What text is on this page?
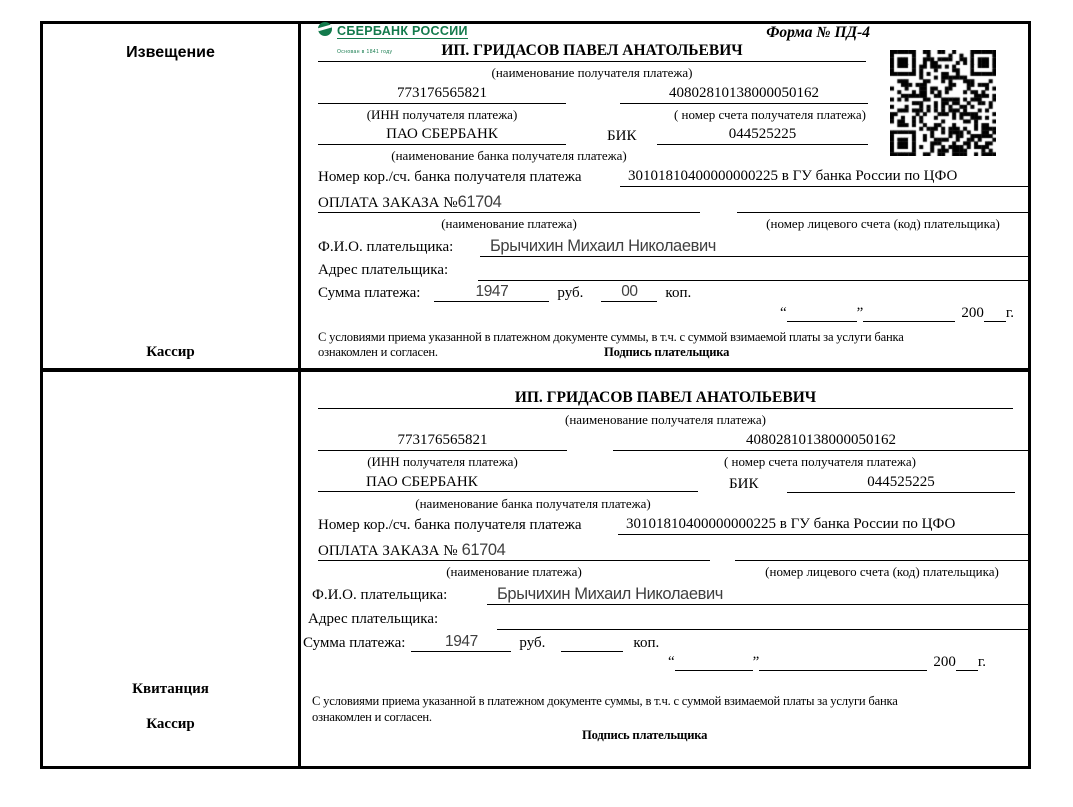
Извещение
Кассир
СБЕРБАНК РОССИИ
Основан в 1841 году
Форма № ПД-4
ИП. ГРИДАСОВ ПАВЕЛ АНАТОЛЬЕВИЧ
(наименование получателя платежа)
773176565821	40802810138000050162
(ИНН получателя платежа)	( номер счета получателя платежа)
ПАО СБЕРБАНК	БИК	044525225
(наименование банка получателя платежа)
Номер кор./сч. банка получателя платежа	30101810400000000225 в ГУ банка России по ЦФО
ОПЛАТА ЗАКАЗА №61704
(наименование платежа)	(номер лицевого счета (код) плательщика)
Ф.И.О. плательщика:	Брычихин Михаил Николаевич
Адрес плательщика:
Сумма платежа:	1947	руб.	00	коп.
“	”	200 г.
С условиями приема указанной в платежном документе суммы, в т.ч. с суммой взимаемой платы за услуги банка
ознакомлен и согласен.	Подпись плательщика
Квитанция
Кассир
ИП. ГРИДАСОВ ПАВЕЛ АНАТОЛЬЕВИЧ
(наименование получателя платежа)
773176565821	40802810138000050162
(ИНН получателя платежа)	( номер счета получателя платежа)
ПАО СБЕРБАНК	БИК	044525225
(наименование банка получателя платежа)
Номер кор./сч. банка получателя платежа	30101810400000000225 в ГУ банка России по ЦФО
ОПЛАТА ЗАКАЗА № 61704
(наименование платежа)	(номер лицевого счета (код) плательщика)
Ф.И.О. плательщика:	Брычихин Михаил Николаевич
Адрес плательщика:
Сумма платежа:	1947	руб.	коп.
“	”	200 г.
С условиями приема указанной в платежном документе суммы, в т.ч. с суммой взимаемой платы за услуги банка
ознакомлен и согласен.
Подпись плательщика
